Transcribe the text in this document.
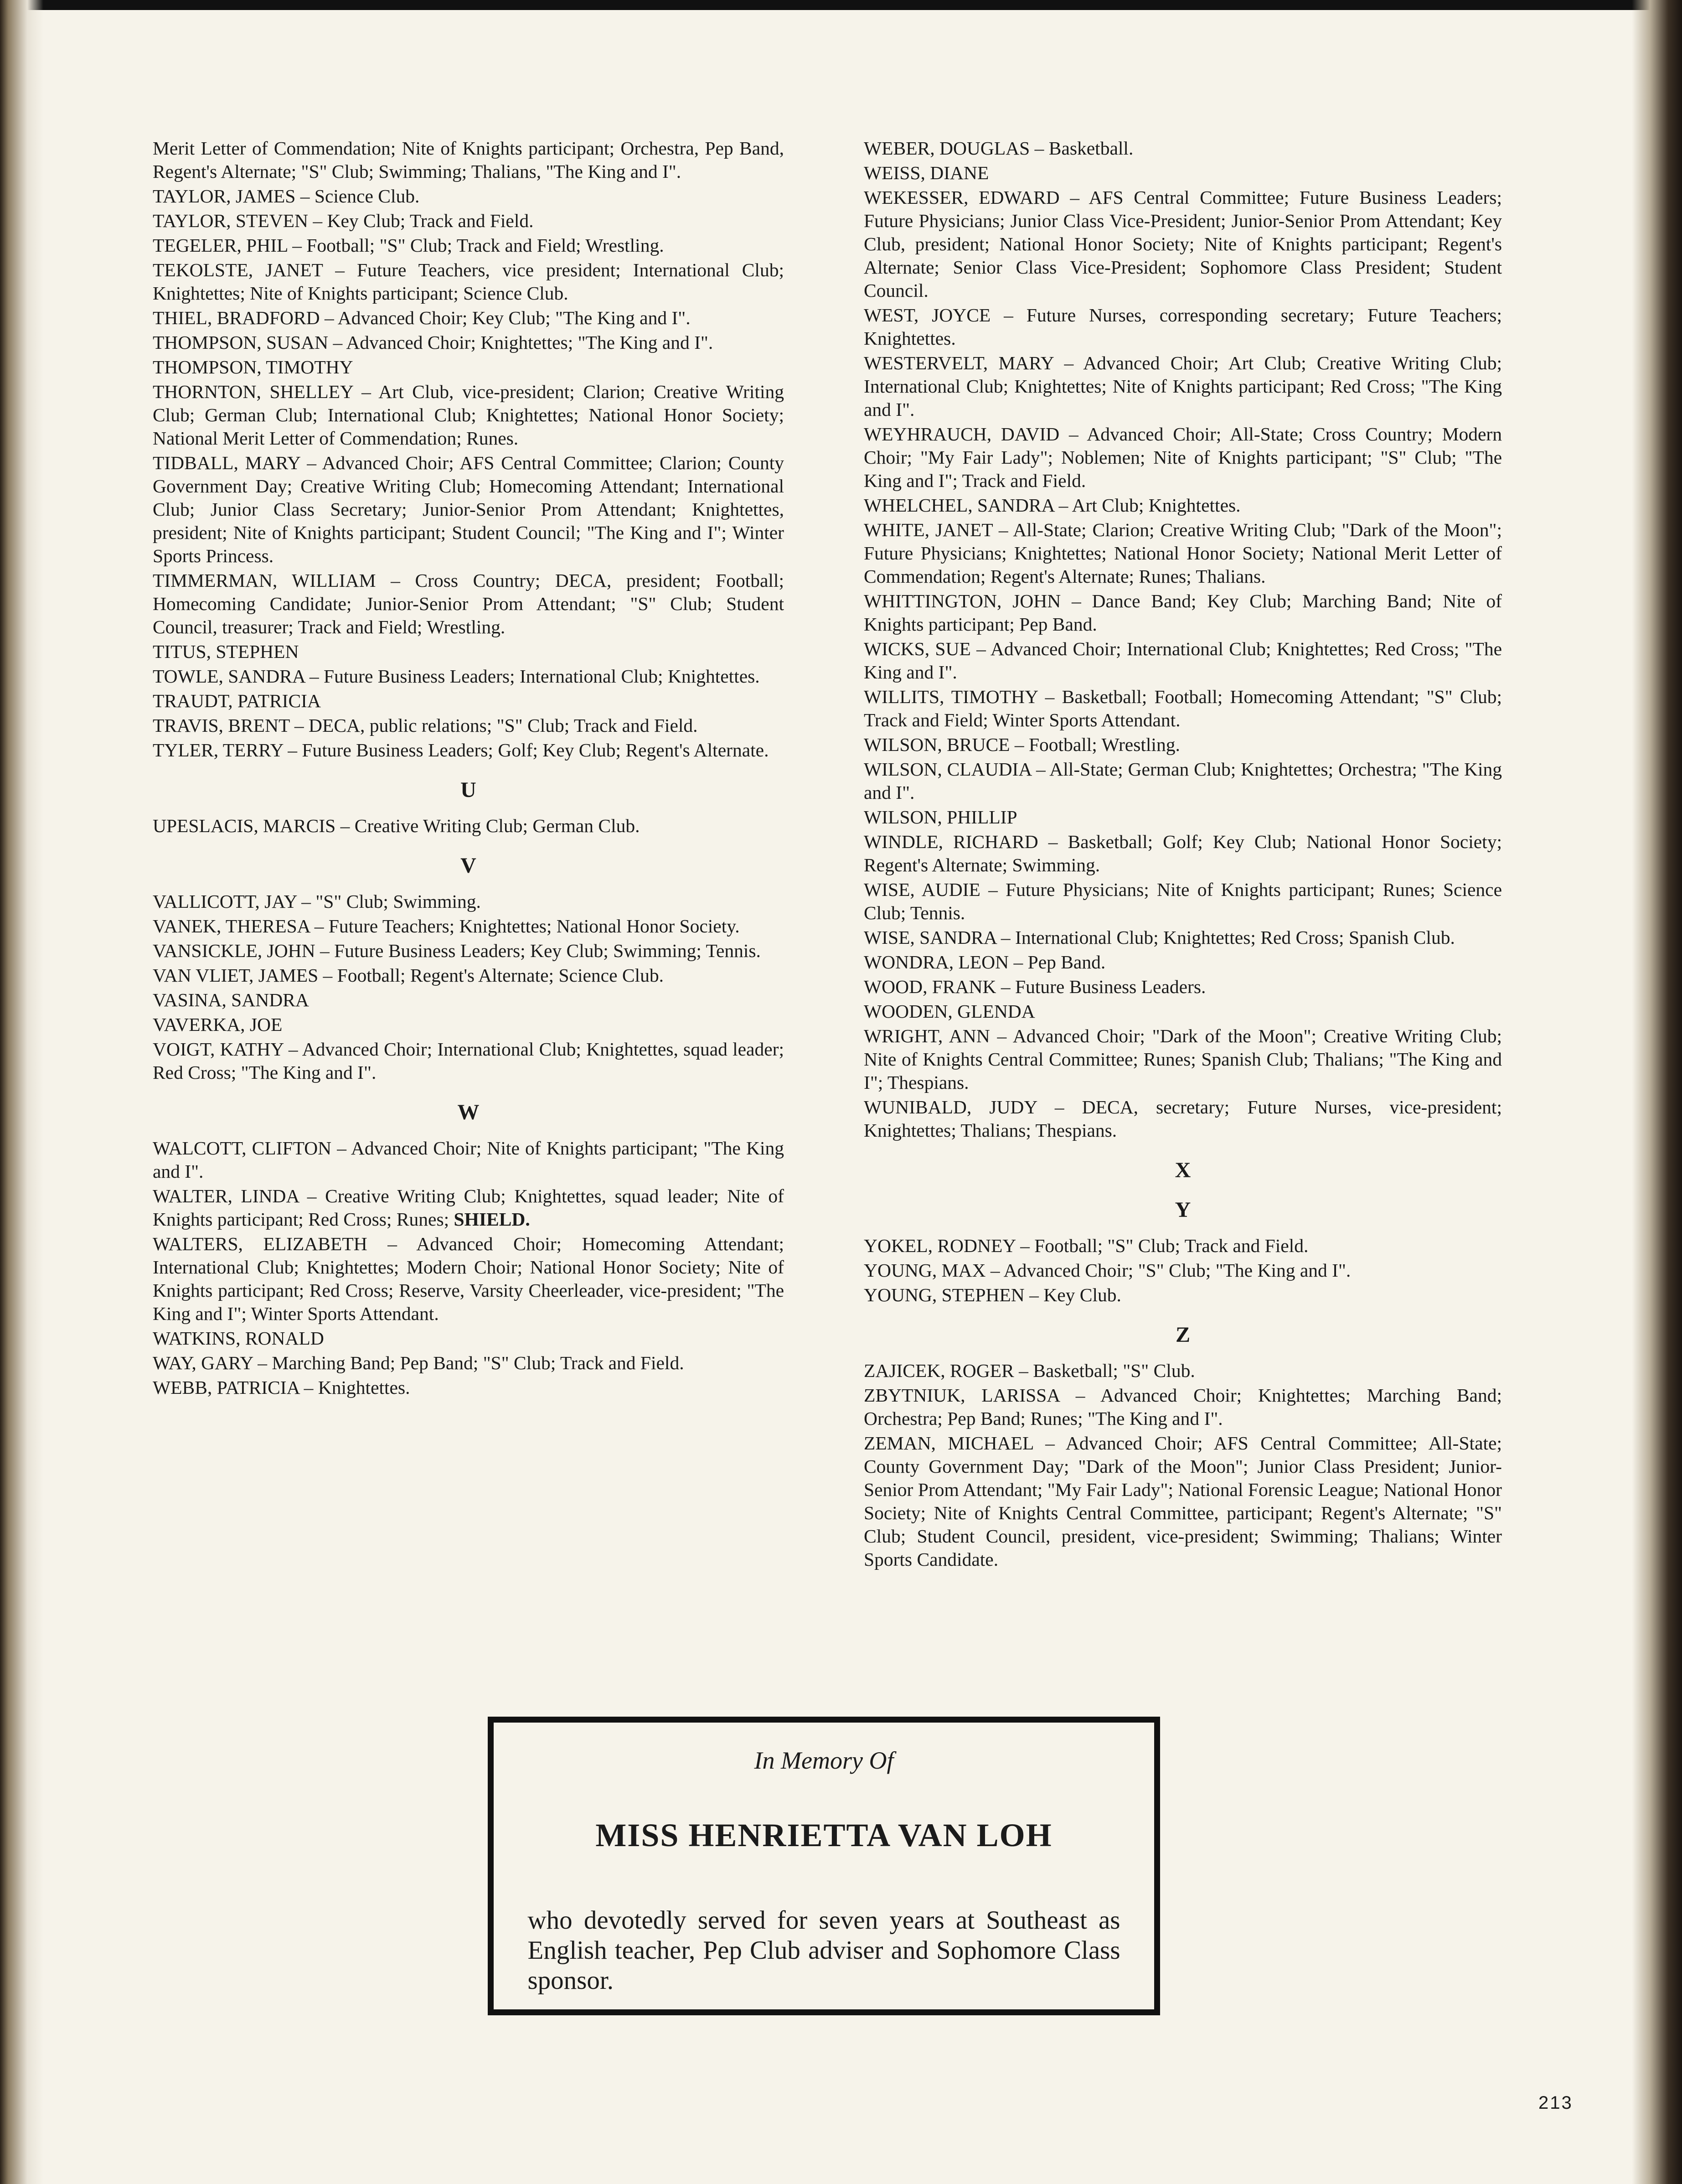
Merit Letter of Commendation; Nite of Knights participant; Orchestra, Pep Band, Regent's Alternate; "S" Club; Swimming; Thalians, "The King and I".
TAYLOR, JAMES – Science Club.
TAYLOR, STEVEN – Key Club; Track and Field.
TEGELER, PHIL – Football; "S" Club; Track and Field; Wrestling.
TEKOLSTE, JANET – Future Teachers, vice president; International Club; Knightettes; Nite of Knights participant; Science Club.
THIEL, BRADFORD – Advanced Choir; Key Club; "The King and I".
THOMPSON, SUSAN – Advanced Choir; Knightettes; "The King and I".
THOMPSON, TIMOTHY
THORNTON, SHELLEY – Art Club, vice-president; Clarion; Creative Writing Club; German Club; International Club; Knightettes; National Honor Society; National Merit Letter of Commendation; Runes.
TIDBALL, MARY – Advanced Choir; AFS Central Committee; Clarion; County Government Day; Creative Writing Club; Homecoming Attendant; International Club; Junior Class Secretary; Junior-Senior Prom Attendant; Knightettes, president; Nite of Knights participant; Student Council; "The King and I"; Winter Sports Princess.
TIMMERMAN, WILLIAM – Cross Country; DECA, president; Football; Homecoming Candidate; Junior-Senior Prom Attendant; "S" Club; Student Council, treasurer; Track and Field; Wrestling.
TITUS, STEPHEN
TOWLE, SANDRA – Future Business Leaders; International Club; Knightettes.
TRAUDT, PATRICIA
TRAVIS, BRENT – DECA, public relations; "S" Club; Track and Field.
TYLER, TERRY – Future Business Leaders; Golf; Key Club; Regent's Alternate.
U
UPESLACIS, MARCIS – Creative Writing Club; German Club.
V
VALLICOTT, JAY – "S" Club; Swimming.
VANEK, THERESA – Future Teachers; Knightettes; National Honor Society.
VANSICKLE, JOHN – Future Business Leaders; Key Club; Swimming; Tennis.
VAN VLIET, JAMES – Football; Regent's Alternate; Science Club.
VASINA, SANDRA
VAVERKA, JOE
VOIGT, KATHY – Advanced Choir; International Club; Knightettes, squad leader; Red Cross; "The King and I".
W
WALCOTT, CLIFTON – Advanced Choir; Nite of Knights participant; "The King and I".
WALTER, LINDA – Creative Writing Club; Knightettes, squad leader; Nite of Knights participant; Red Cross; Runes; SHIELD.
WALTERS, ELIZABETH – Advanced Choir; Homecoming Attendant; International Club; Knightettes; Modern Choir; National Honor Society; Nite of Knights participant; Red Cross; Reserve, Varsity Cheerleader, vice-president; "The King and I"; Winter Sports Attendant.
WATKINS, RONALD
WAY, GARY – Marching Band; Pep Band; "S" Club; Track and Field.
WEBB, PATRICIA – Knightettes.
WEBER, DOUGLAS – Basketball.
WEISS, DIANE
WEKESSER, EDWARD – AFS Central Committee; Future Business Leaders; Future Physicians; Junior Class Vice-President; Junior-Senior Prom Attendant; Key Club, president; National Honor Society; Nite of Knights participant; Regent's Alternate; Senior Class Vice-President; Sophomore Class President; Student Council.
WEST, JOYCE – Future Nurses, corresponding secretary; Future Teachers; Knightettes.
WESTERVELT, MARY – Advanced Choir; Art Club; Creative Writing Club; International Club; Knightettes; Nite of Knights participant; Red Cross; "The King and I".
WEYHRAUCH, DAVID – Advanced Choir; All-State; Cross Country; Modern Choir; "My Fair Lady"; Noblemen; Nite of Knights participant; "S" Club; "The King and I"; Track and Field.
WHELCHEL, SANDRA – Art Club; Knightettes.
WHITE, JANET – All-State; Clarion; Creative Writing Club; "Dark of the Moon"; Future Physicians; Knightettes; National Honor Society; National Merit Letter of Commendation; Regent's Alternate; Runes; Thalians.
WHITTINGTON, JOHN – Dance Band; Key Club; Marching Band; Nite of Knights participant; Pep Band.
WICKS, SUE – Advanced Choir; International Club; Knightettes; Red Cross; "The King and I".
WILLITS, TIMOTHY – Basketball; Football; Homecoming Attendant; "S" Club; Track and Field; Winter Sports Attendant.
WILSON, BRUCE – Football; Wrestling.
WILSON, CLAUDIA – All-State; German Club; Knightettes; Orchestra; "The King and I".
WILSON, PHILLIP
WINDLE, RICHARD – Basketball; Golf; Key Club; National Honor Society; Regent's Alternate; Swimming.
WISE, AUDIE – Future Physicians; Nite of Knights participant; Runes; Science Club; Tennis.
WISE, SANDRA – International Club; Knightettes; Red Cross; Spanish Club.
WONDRA, LEON – Pep Band.
WOOD, FRANK – Future Business Leaders.
WOODEN, GLENDA
WRIGHT, ANN – Advanced Choir; "Dark of the Moon"; Creative Writing Club; Nite of Knights Central Committee; Runes; Spanish Club; Thalians; "The King and I"; Thespians.
WUNIBALD, JUDY – DECA, secretary; Future Nurses, vice-president; Knightettes; Thalians; Thespians.
X
Y
YOKEL, RODNEY – Football; "S" Club; Track and Field.
YOUNG, MAX – Advanced Choir; "S" Club; "The King and I".
YOUNG, STEPHEN – Key Club.
Z
ZAJICEK, ROGER – Basketball; "S" Club.
ZBYTNIUK, LARISSA – Advanced Choir; Knightettes; Marching Band; Orchestra; Pep Band; Runes; "The King and I".
ZEMAN, MICHAEL – Advanced Choir; AFS Central Committee; All-State; County Government Day; "Dark of the Moon"; Junior Class President; Junior-Senior Prom Attendant; "My Fair Lady"; National Forensic League; National Honor Society; Nite of Knights Central Committee, participant; Regent's Alternate; "S" Club; Student Council, president, vice-president; Swimming; Thalians; Winter Sports Candidate.
In Memory Of
MISS HENRIETTA VAN LOH
who devotedly served for seven years at Southeast as English teacher, Pep Club adviser and Sophomore Class sponsor.
213
